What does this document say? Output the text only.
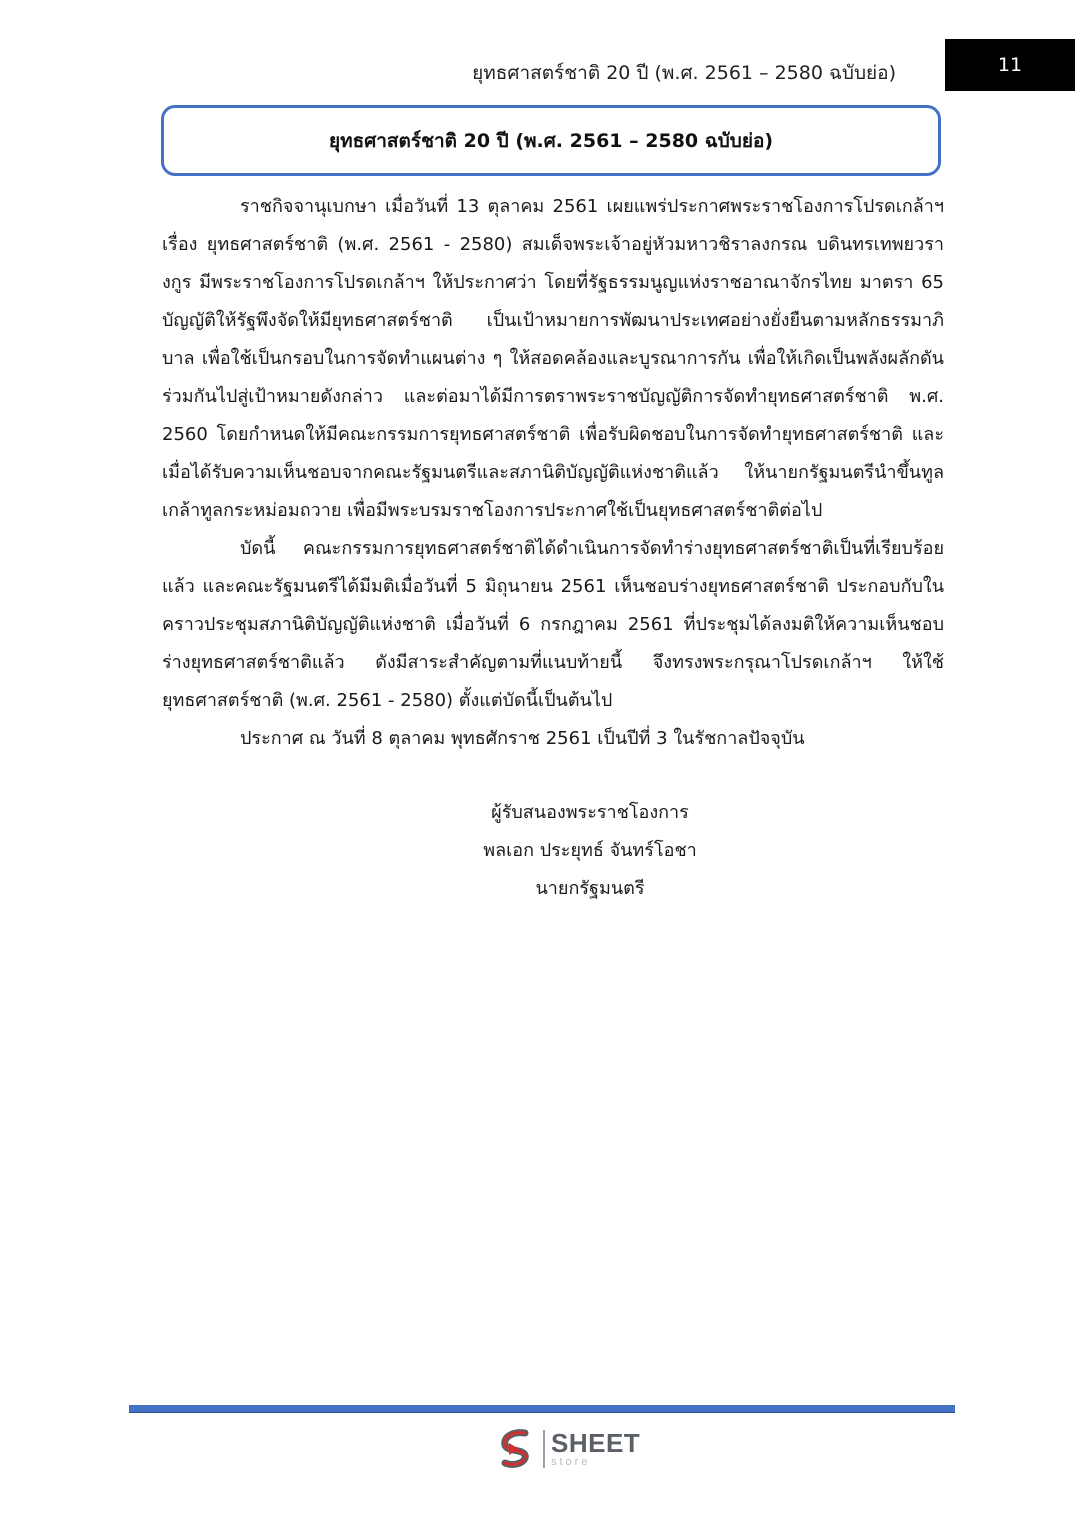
ยุทธศาสตร์ชาติ 20 ปี (พ.ศ. 2561 – 2580 ฉบับย่อ)	11
ยุทธศาสตร์ชาติ 20 ปี (พ.ศ. 2561 – 2580 ฉบับย่อ)

ราชกิจจานุเบกษา เมื่อวันที่ 13 ตุลาคม 2561 เผยแพร่ประกาศพระราชโองการโปรดเกล้าฯ เรื่อง ยุทธศาสตร์ชาติ (พ.ศ. 2561 - 2580) สมเด็จพระเจ้าอยู่หัวมหาวชิราลงกรณ บดินทรเทพยวรางกูร มีพระราชโองการโปรดเกล้าฯ ให้ประกาศว่า โดยที่รัฐธรรมนูญแห่งราชอาณาจักรไทย มาตรา 65 บัญญัติให้รัฐพึงจัดให้มียุทธศาสตร์ชาติ เป็นเป้าหมายการพัฒนาประเทศอย่างยั่งยืนตามหลักธรรมาภิบาล เพื่อใช้เป็นกรอบในการจัดทำแผนต่าง ๆ ให้สอดคล้องและบูรณาการกัน เพื่อให้เกิดเป็นพลังผลักดันร่วมกันไปสู่เป้าหมายดังกล่าว และต่อมาได้มีการตราพระราชบัญญัติการจัดทำยุทธศาสตร์ชาติ พ.ศ. 2560 โดยกำหนดให้มีคณะกรรมการยุทธศาสตร์ชาติ เพื่อรับผิดชอบในการจัดทำยุทธศาสตร์ชาติ และเมื่อได้รับความเห็นชอบจากคณะรัฐมนตรีและสภานิติบัญญัติแห่งชาติแล้ว ให้นายกรัฐมนตรีนำขึ้นทูลเกล้าทูลกระหม่อมถวาย เพื่อมีพระบรมราชโองการประกาศใช้เป็นยุทธศาสตร์ชาติต่อไป

บัดนี้ คณะกรรมการยุทธศาสตร์ชาติได้ดำเนินการจัดทำร่างยุทธศาสตร์ชาติเป็นที่เรียบร้อยแล้ว และคณะรัฐมนตรีได้มีมติเมื่อวันที่ 5 มิถุนายน 2561 เห็นชอบร่างยุทธศาสตร์ชาติ ประกอบกับในคราวประชุมสภานิติบัญญัติแห่งชาติ เมื่อวันที่ 6 กรกฎาคม 2561 ที่ประชุมได้ลงมติให้ความเห็นชอบร่างยุทธศาสตร์ชาติแล้ว ดังมีสาระสำคัญตามที่แนบท้ายนี้ จึงทรงพระกรุณาโปรดเกล้าฯ ให้ใช้ยุทธศาสตร์ชาติ (พ.ศ. 2561 - 2580) ตั้งแต่บัดนี้เป็นต้นไป

ประกาศ ณ วันที่ 8 ตุลาคม พุทธศักราช 2561 เป็นปีที่ 3 ในรัชกาลปัจจุบัน

ผู้รับสนองพระราชโองการ
พลเอก ประยุทธ์ จันทร์โอชา
นายกรัฐมนตรี
SHEET
store
